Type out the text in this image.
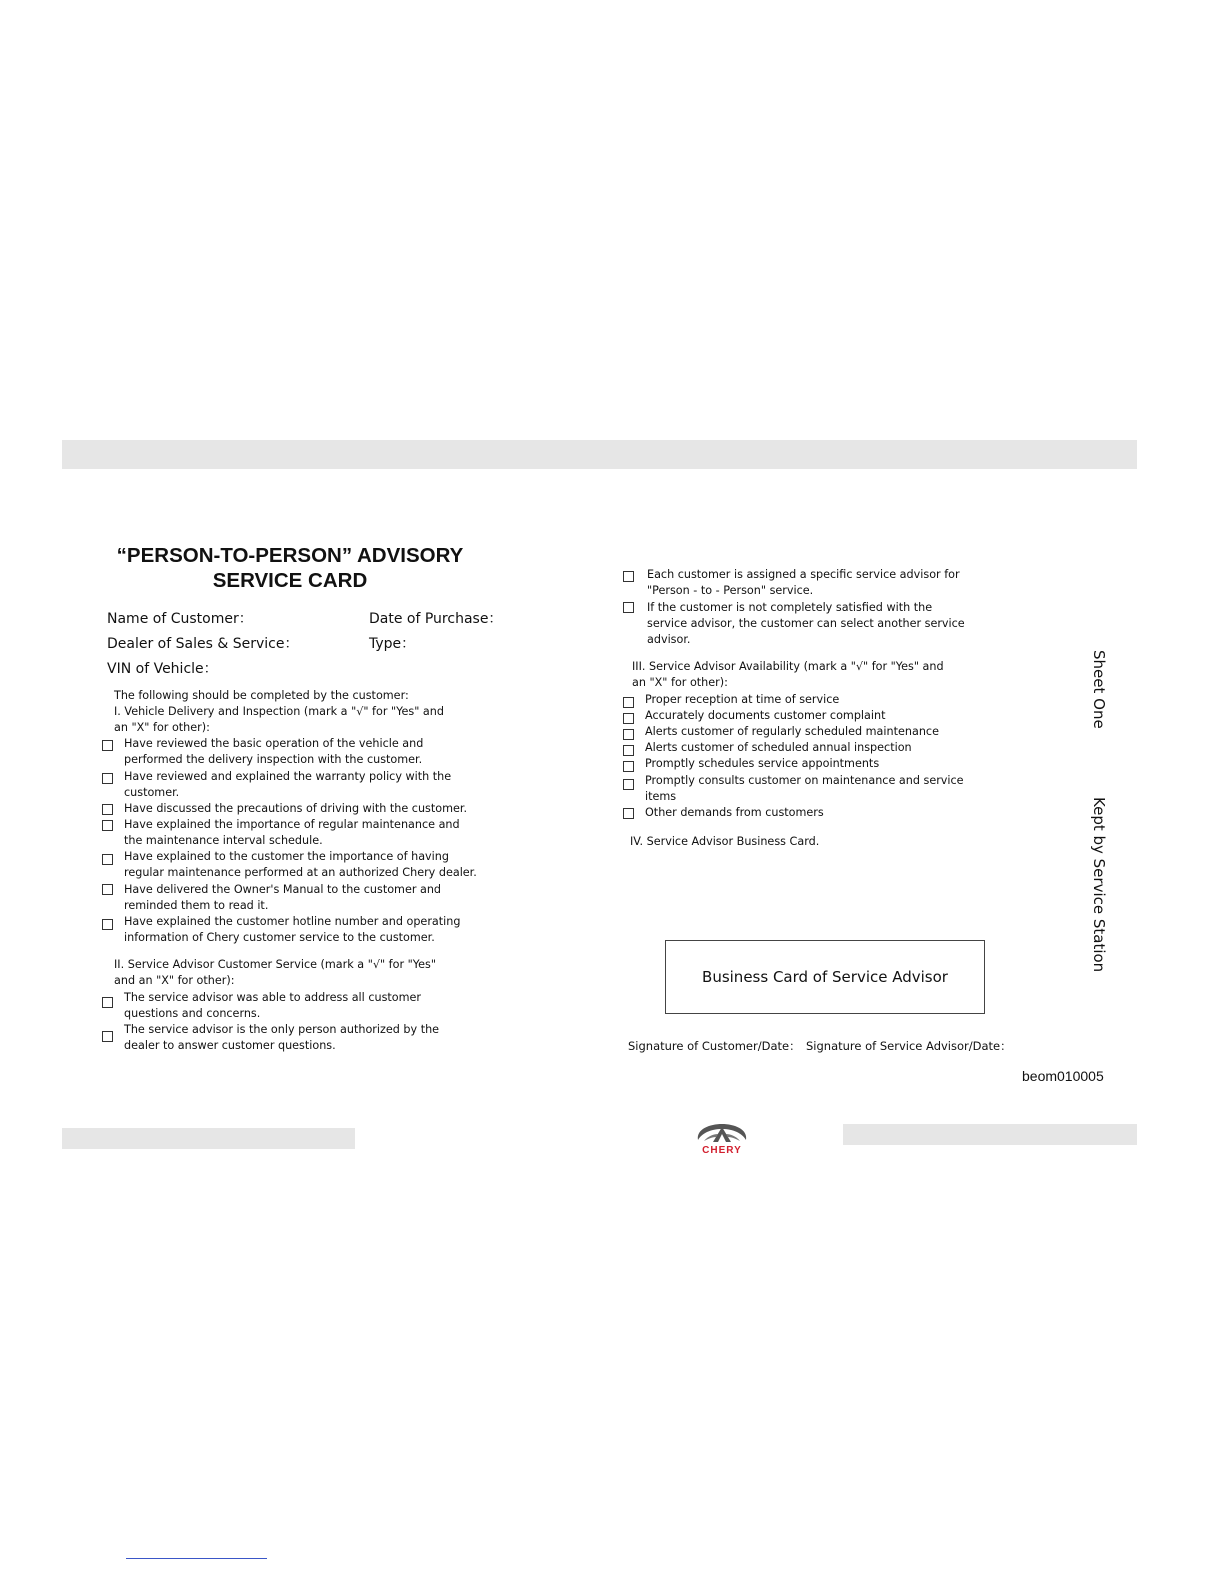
“PERSON-TO-PERSON” ADVISORY
SERVICE CARD
Name of Customer：	Date of Purchase：
Dealer of Sales & Service：	Type：
VIN of Vehicle：
The following should be completed by the customer:
I. Vehicle Delivery and Inspection (mark a "√" for "Yes" and
an "X" for other):
Have reviewed the basic operation of the vehicle and
performed the delivery inspection with the customer.
Have reviewed and explained the warranty policy with the
customer.
Have discussed the precautions of driving with the customer.
Have explained the importance of regular maintenance and
the maintenance interval schedule.
Have explained to the customer the importance of having
regular maintenance performed at an authorized Chery dealer.
Have delivered the Owner's Manual to the customer and
reminded them to read it.
Have explained the customer hotline number and operating
information of Chery customer service to the customer.
II. Service Advisor Customer Service (mark a "√" for "Yes"
and an "X" for other):
The service advisor was able to address all customer
questions and concerns.
The service advisor is the only person authorized by the
dealer to answer customer questions.
Each customer is assigned a specific service advisor for
"Person - to - Person" service.
If the customer is not completely satisfied with the
service advisor, the customer can select another service
advisor.
III. Service Advisor Availability (mark a "√" for "Yes" and
an "X" for other):
Proper reception at time of service
Accurately documents customer complaint
Alerts customer of regularly scheduled maintenance
Alerts customer of scheduled annual inspection
Promptly schedules service appointments
Promptly consults customer on maintenance and service
items
Other demands from customers
IV. Service Advisor Business Card.
Business Card of Service Advisor
Signature of Customer/Date： Signature of Service Advisor/Date：
Sheet One
Kept by Service Station
beom010005
CHERY
